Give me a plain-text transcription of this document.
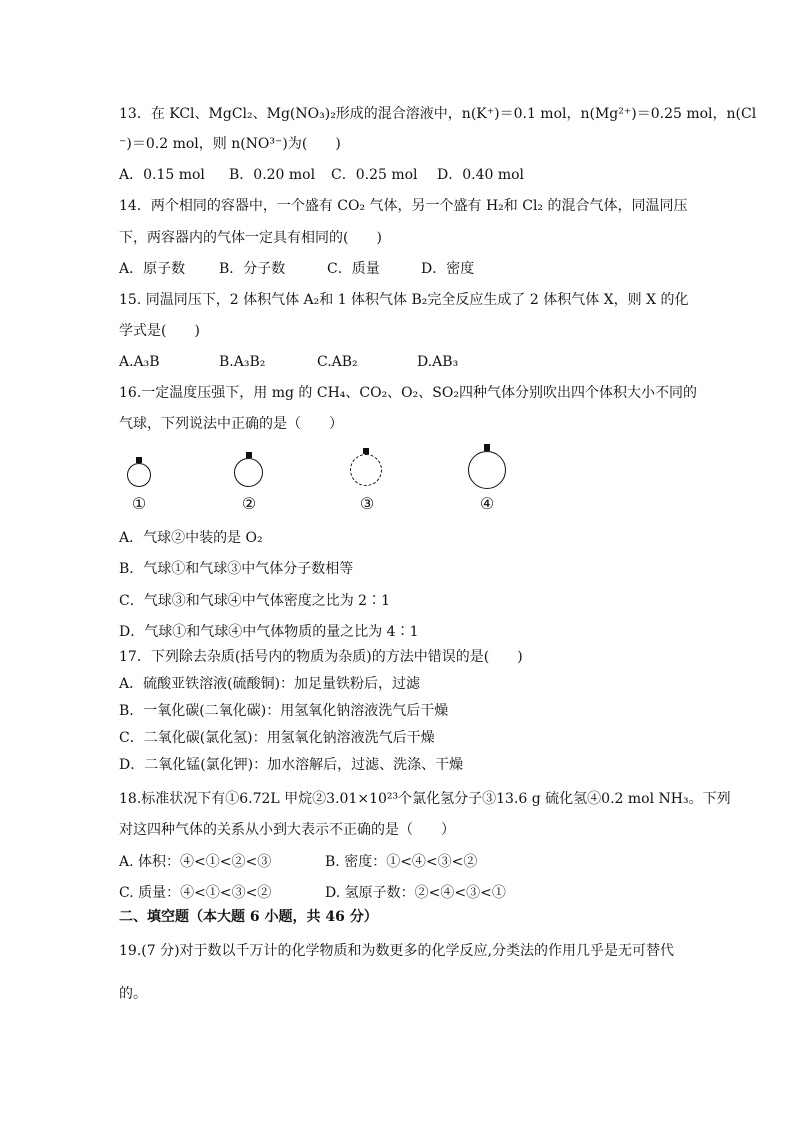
13．在 KCl、MgCl₂、Mg(NO₃)₂形成的混合溶液中，n(K⁺)＝0.1 mol，n(Mg²⁺)＝0.25 mol，n(Cl
⁻)＝0.2 mol，则 n(NO³⁻)为(　　)
A．0.15 mol	B．0.20 mol	C．0.25 mol	D．0.40 mol
14．两个相同的容器中，一个盛有 CO₂ 气体，另一个盛有 H₂和 Cl₂ 的混合气体，同温同压
下，两容器内的气体一定具有相同的(　　)
A．原子数	B．分子数	C．质量	D．密度
15. 同温同压下，2 体积气体 A₂和 1 体积气体 B₂完全反应生成了 2 体积气体 X，则 X 的化
学式是(　　)
A.A₃B	B.A₃B₂	C.AB₂	D.AB₃
16.一定温度压强下，用 mg 的 CH₄、CO₂、O₂、SO₂四种气体分别吹出四个体积大小不同的
气球，下列说法中正确的是（　　）
①	②	③	④
A．气球②中装的是 O₂
B．气球①和气球③中气体分子数相等
C．气球③和气球④中气体密度之比为 2∶1
D．气球①和气球④中气体物质的量之比为 4∶1
17．下列除去杂质(括号内的物质为杂质)的方法中错误的是(　　)
A．硫酸亚铁溶液(硫酸铜)：加足量铁粉后，过滤
B．一氧化碳(二氧化碳)：用氢氧化钠溶液洗气后干燥
C．二氧化碳(氯化氢)：用氢氧化钠溶液洗气后干燥
D．二氧化锰(氯化钾)：加水溶解后，过滤、洗涤、干燥
18.标准状况下有①6.72L 甲烷②3.01×10²³个氯化氢分子③13.6 g 硫化氢④0.2 mol NH₃。下列
对这四种气体的关系从小到大表示不正确的是（　　）
A. 体积：④<①<②<③	B. 密度：①<④<③<②
C. 质量：④<①<③<②	D. 氢原子数：②<④<③<①
二、填空题（本大题 6 小题，共 46 分）
19.(7 分)对于数以千万计的化学物质和为数更多的化学反应,分类法的作用几乎是无可替代
的。
